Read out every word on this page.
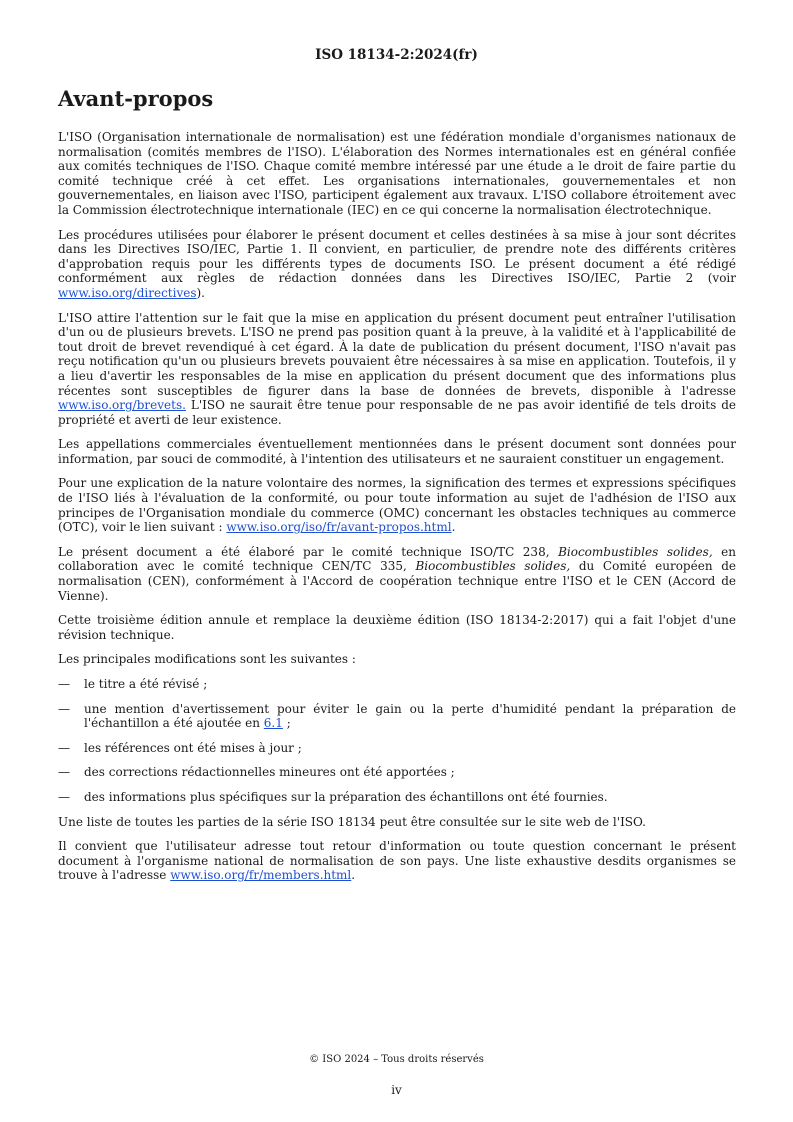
ISO 18134-2:2024(fr)
Avant-propos

L'ISO (Organisation internationale de normalisation) est une fédération mondiale d'organismes nationaux de normalisation (comités membres de l'ISO). L'élaboration des Normes internationales est en général confiée aux comités techniques de l'ISO. Chaque comité membre intéressé par une étude a le droit de faire partie du comité technique créé à cet effet. Les organisations internationales, gouvernementales et non gouvernementales, en liaison avec l'ISO, participent également aux travaux. L'ISO collabore étroitement avec la Commission électrotechnique internationale (IEC) en ce qui concerne la normalisation électrotechnique.

Les procédures utilisées pour élaborer le présent document et celles destinées à sa mise à jour sont décrites dans les Directives ISO/IEC, Partie 1. Il convient, en particulier, de prendre note des différents critères d'approbation requis pour les différents types de documents ISO. Le présent document a été rédigé conformément aux règles de rédaction données dans les Directives ISO/IEC, Partie 2 (voir www.iso.org/directives).

L'ISO attire l'attention sur le fait que la mise en application du présent document peut entraîner l'utilisation d'un ou de plusieurs brevets. L'ISO ne prend pas position quant à la preuve, à la validité et à l'applicabilité de tout droit de brevet revendiqué à cet égard. À la date de publication du présent document, l'ISO n'avait pas reçu notification qu'un ou plusieurs brevets pouvaient être nécessaires à sa mise en application. Toutefois, il y a lieu d'avertir les responsables de la mise en application du présent document que des informations plus récentes sont susceptibles de figurer dans la base de données de brevets, disponible à l'adresse www.iso.org/brevets. L'ISO ne saurait être tenue pour responsable de ne pas avoir identifié de tels droits de propriété et averti de leur existence.

Les appellations commerciales éventuellement mentionnées dans le présent document sont données pour information, par souci de commodité, à l'intention des utilisateurs et ne sauraient constituer un engagement.

Pour une explication de la nature volontaire des normes, la signification des termes et expressions spécifiques de l'ISO liés à l'évaluation de la conformité, ou pour toute information au sujet de l'adhésion de l'ISO aux principes de l'Organisation mondiale du commerce (OMC) concernant les obstacles techniques au commerce (OTC), voir le lien suivant : www.iso.org/iso/fr/avant-propos.html.

Le présent document a été élaboré par le comité technique ISO/TC 238, Biocombustibles solides, en collaboration avec le comité technique CEN/TC 335, Biocombustibles solides, du Comité européen de normalisation (CEN), conformément à l'Accord de coopération technique entre l'ISO et le CEN (Accord de Vienne).

Cette troisième édition annule et remplace la deuxième édition (ISO 18134-2:2017) qui a fait l'objet d'une révision technique.

Les principales modifications sont les suivantes :

— le titre a été révisé ;
— une mention d'avertissement pour éviter le gain ou la perte d'humidité pendant la préparation de l'échantillon a été ajoutée en 6.1 ;
— les références ont été mises à jour ;
— des corrections rédactionnelles mineures ont été apportées ;
— des informations plus spécifiques sur la préparation des échantillons ont été fournies.

Une liste de toutes les parties de la série ISO 18134 peut être consultée sur le site web de l'ISO.

Il convient que l'utilisateur adresse tout retour d'information ou toute question concernant le présent document à l'organisme national de normalisation de son pays. Une liste exhaustive desdits organismes se trouve à l'adresse www.iso.org/fr/members.html.

© ISO 2024 – Tous droits réservés
iv
